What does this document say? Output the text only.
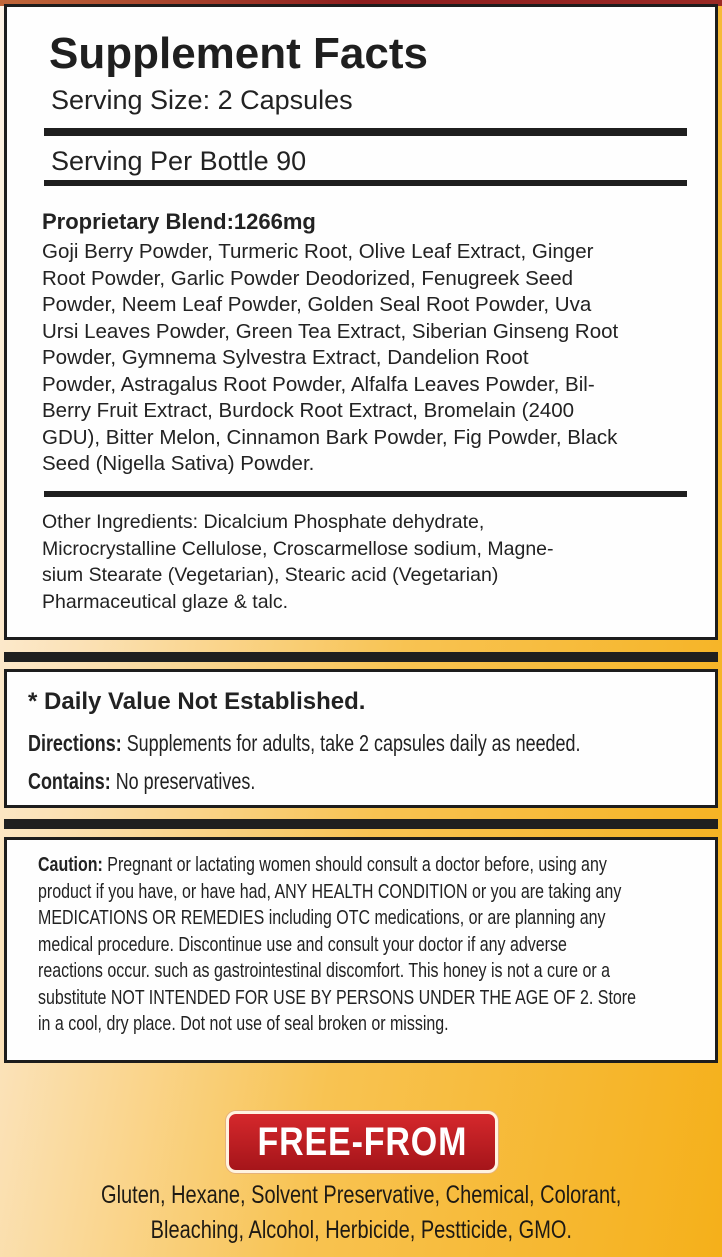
Supplement Facts
Serving Size: 2 Capsules
Serving Per Bottle 90
Proprietary Blend:1266mg
Goji Berry Powder, Turmeric Root, Olive Leaf Extract, Ginger
Root Powder, Garlic Powder Deodorized, Fenugreek Seed
Powder, Neem Leaf Powder, Golden Seal Root Powder, Uva
Ursi Leaves Powder, Green Tea Extract, Siberian Ginseng Root
Powder, Gymnema Sylvestra Extract, Dandelion Root
Powder, Astragalus Root Powder, Alfalfa Leaves Powder, Bil-
Berry Fruit Extract, Burdock Root Extract, Bromelain (2400
GDU), Bitter Melon, Cinnamon Bark Powder, Fig Powder, Black
Seed (Nigella Sativa) Powder.
Other Ingredients: Dicalcium Phosphate dehydrate,
Microcrystalline Cellulose, Croscarmellose sodium, Magne-
sium Stearate (Vegetarian), Stearic acid (Vegetarian)
Pharmaceutical glaze & talc.
* Daily Value Not Established.
Directions: Supplements for adults, take 2 capsules daily as needed.
Contains: No preservatives.
Caution: Pregnant or lactating women should consult a doctor before, using any
product if you have, or have had, ANY HEALTH CONDITION or you are taking any
MEDICATIONS OR REMEDIES including OTC medications, or are planning any
medical procedure. Discontinue use and consult your doctor if any adverse
reactions occur. such as gastrointestinal discomfort. This honey is not a cure or a
substitute NOT INTENDED FOR USE BY PERSONS UNDER THE AGE OF 2. Store
in a cool, dry place. Dot not use of seal broken or missing.
FREE-FROM
Gluten, Hexane, Solvent Preservative, Chemical, Colorant,
Bleaching, Alcohol, Herbicide, Pestticide, GMO.
